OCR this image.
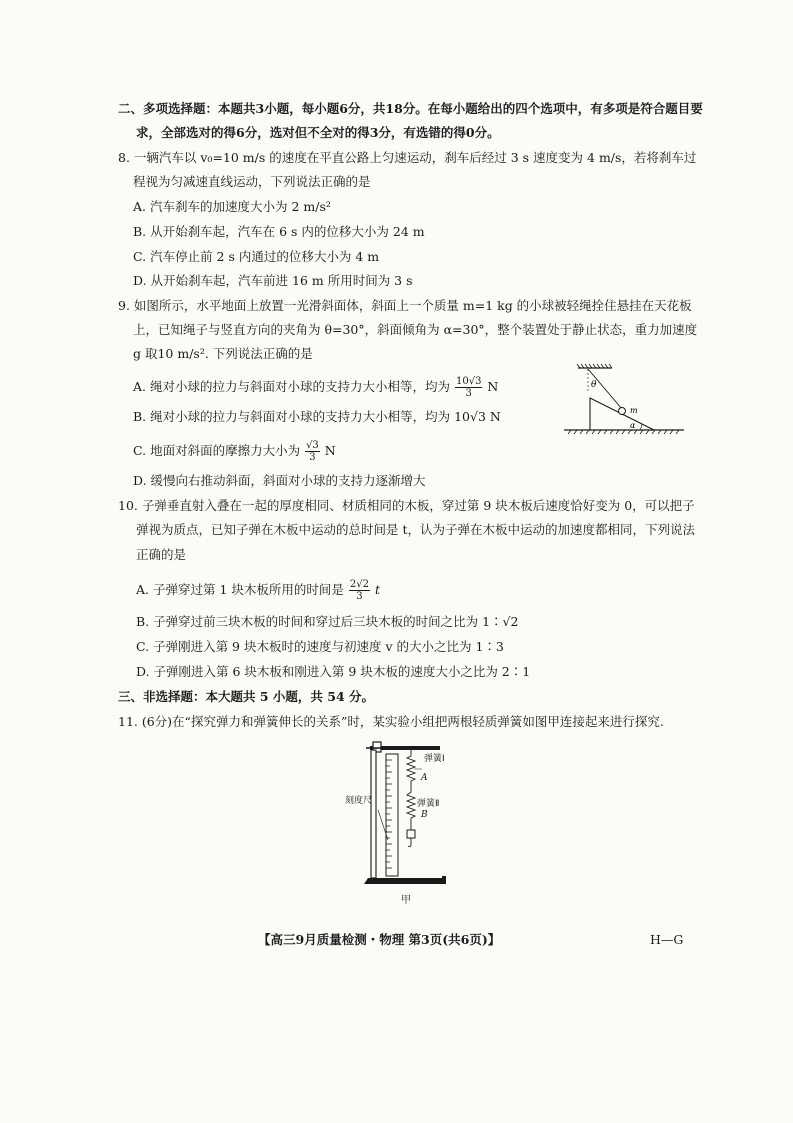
二、多项选择题：本题共3小题，每小题6分，共18分。在每小题给出的四个选项中，有多项是符合题目要
求，全部选对的得6分，选对但不全对的得3分，有选错的得0分。
8. 一辆汽车以 v₀=10 m/s 的速度在平直公路上匀速运动，刹车后经过 3 s 速度变为 4 m/s，若将刹车过
程视为匀减速直线运动，下列说法正确的是
A. 汽车刹车的加速度大小为 2 m/s²
B. 从开始刹车起，汽车在 6 s 内的位移大小为 24 m
C. 汽车停止前 2 s 内通过的位移大小为 4 m
D. 从开始刹车起，汽车前进 16 m 所用时间为 3 s
9. 如图所示，水平地面上放置一光滑斜面体，斜面上一个质量 m=1 kg 的小球被轻绳拴住悬挂在天花板
上，已知绳子与竖直方向的夹角为 θ=30°，斜面倾角为 α=30°，整个装置处于静止状态，重力加速度
g 取10 m/s². 下列说法正确的是
A. 绳对小球的拉力与斜面对小球的支持力大小相等，均为 $\frac{10√3}{3}$ N
B. 绳对小球的拉力与斜面对小球的支持力大小相等，均为 10√3 N
C. 地面对斜面的摩擦力大小为 $\frac{√3}{3}$ N
D. 缓慢向右推动斜面，斜面对小球的支持力逐渐增大
θ
m
α
10. 子弹垂直射入叠在一起的厚度相同、材质相同的木板，穿过第 9 块木板后速度恰好变为 0，可以把子
弹视为质点，已知子弹在木板中运动的总时间是 t，认为子弹在木板中运动的加速度都相同，下列说法
正确的是
A. 子弹穿过第 1 块木板所用的时间是 $\frac{2√2}{3}$ t
B. 子弹穿过前三块木板的时间和穿过后三块木板的时间之比为 1∶√2
C. 子弹刚进入第 9 块木板时的速度与初速度 v 的大小之比为 1∶3
D. 子弹刚进入第 6 块木板和刚进入第 9 块木板的速度大小之比为 2∶1
三、非选择题：本大题共 5 小题，共 54 分。
11. (6分)在“探究弹力和弹簧伸长的关系”时，某实验小组把两根轻质弹簧如图甲连接起来进行探究.
弹簧Ⅰ
A
弹簧Ⅱ
B
刻度尺
甲
【高三9月质量检测・物理 第3页(共6页)】	H—G
